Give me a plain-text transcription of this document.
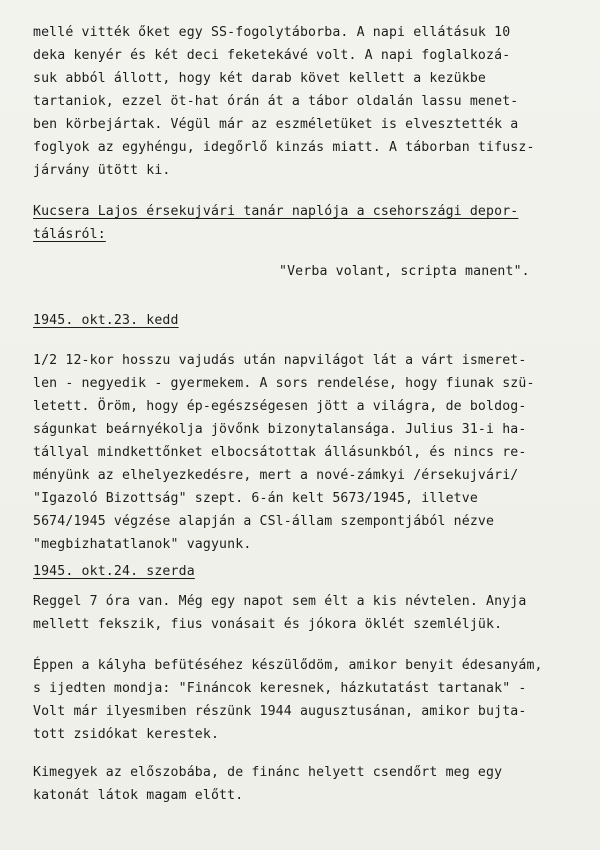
mellé vitték őket egy SS-fogolytáborba. A napi ellátásuk 10
deka kenyér és két deci feketekávé volt. A napi foglalkozá-
suk abból állott, hogy két darab követ kellett a kezükbe
tartaniok, ezzel öt-hat órán át a tábor oldalán lassu menet-
ben körbejártak. Végül már az eszméletüket is elvesztették a
foglyok az egyhéngu, idegőrlő kinzás miatt. A táborban tifusz-
járvány ütött ki.
Kucsera Lajos érsekujvári tanár naplója a csehországi depor-
tálásról:
"Verba volant, scripta manent".
1945. okt.23. kedd
1/2 12-kor hosszu vajudás után napvilágot lát a várt ismeret-
len - negyedik - gyermekem. A sors rendelése, hogy fiunak szü-
letett. Öröm, hogy ép-egészségesen jött a világra, de boldog-
ságunkat beárnyékolja jövőnk bizonytalansága. Julius 31-i ha-
tállyal mindkettőnket elbocsátottak állásunkból, és nincs re-
ményünk az elhelyezkedésre, mert a nové-zámkyi /érsekujvári/
"Igazoló Bizottság" szept. 6-án kelt 5673/1945, illetve
5674/1945 végzése alapján a CSl-állam szempontjából nézve
"megbizhatatlanok" vagyunk.
1945. okt.24. szerda
Reggel 7 óra van. Még egy napot sem élt a kis névtelen. Anyja
mellett fekszik, fius vonásait és jókora öklét szemléljük.
Éppen a kályha befütéséhez készülődöm, amikor benyit édesanyám,
s ijedten mondja: "Fináncok keresnek, házkutatást tartanak" -
Volt már ilyesmiben részünk 1944 augusztusánan, amikor bujta-
tott zsidókat kerestek.
Kimegyek az előszobába, de finánc helyett csendőrt meg egy
katonát látok magam előtt.
